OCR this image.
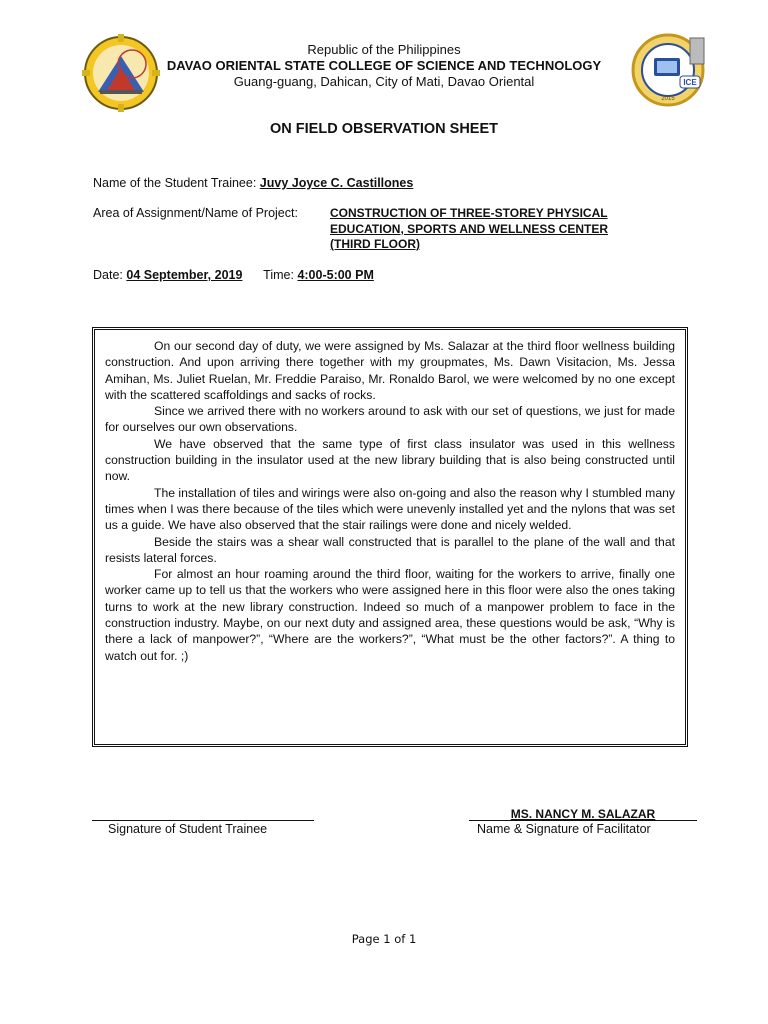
ICE
2015
Republic of the Philippines
DAVAO ORIENTAL STATE COLLEGE OF SCIENCE AND TECHNOLOGY
Guang-guang, Dahican, City of Mati, Davao Oriental
ON FIELD OBSERVATION SHEET
Name of the Student Trainee: Juvy Joyce C. Castillones
Area of Assignment/Name of Project:	CONSTRUCTION OF THREE-STOREY PHYSICAL
EDUCATION, SPORTS AND WELLNESS CENTER
(THIRD FLOOR)
Date: 04 September, 2019 Time: 4:00-5:00 PM

On our second day of duty, we were assigned by Ms. Salazar at the third floor wellness building construction. And upon arriving there together with my groupmates, Ms. Dawn Visitacion, Ms. Jessa Amihan, Ms. Juliet Ruelan, Mr. Freddie Paraiso, Mr. Ronaldo Barol, we were welcomed by no one except with the scattered scaffoldings and sacks of rocks.

Since we arrived there with no workers around to ask with our set of questions, we just for made for ourselves our own observations.

We have observed that the same type of first class insulator was used in this wellness construction building in the insulator used at the new library building that is also being constructed until now.

The installation of tiles and wirings were also on-going and also the reason why I stumbled many times when I was there because of the tiles which were unevenly installed yet and the nylons that was set us a guide. We have also observed that the stair railings were done and nicely welded.

Beside the stairs was a shear wall constructed that is parallel to the plane of the wall and that resists lateral forces.

For almost an hour roaming around the third floor, waiting for the workers to arrive, finally one worker came up to tell us that the workers who were assigned here in this floor were also the ones taking turns to work at the new library construction. Indeed so much of a manpower problem to face in the construction industry. Maybe, on our next duty and assigned area, these questions would be ask, “Why is there a lack of manpower?”, “Where are the workers?”, “What must be the other factors?”. A thing to watch out for. ;)

Signature of Student Trainee
MS. NANCY M. SALAZAR
Name & Signature of Facilitator
Page 1 of 1
